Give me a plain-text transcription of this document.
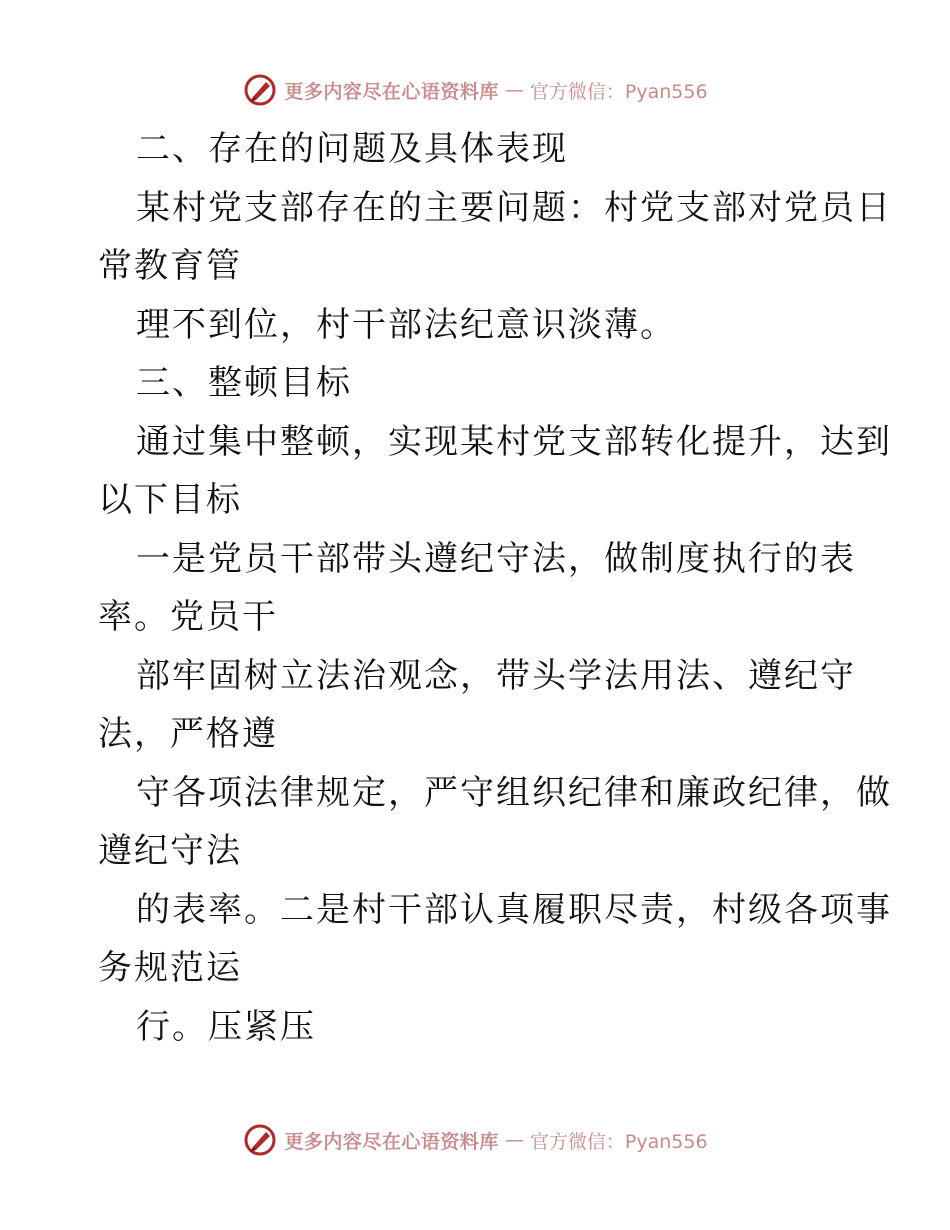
更多内容尽在心语资料库 — 官方微信：Pyan556
二、存在的问题及具体表现
某村党支部存在的主要问题：村党支部对党员日
常教育管
理不到位，村干部法纪意识淡薄。
三、整顿目标
通过集中整顿，实现某村党支部转化提升，达到
以下目标
一是党员干部带头遵纪守法，做制度执行的表
率。党员干
部牢固树立法治观念，带头学法用法、遵纪守
法，严格遵
守各项法律规定，严守组织纪律和廉政纪律，做
遵纪守法
的表率。二是村干部认真履职尽责，村级各项事
务规范运
行。压紧压
更多内容尽在心语资料库 — 官方微信：Pyan556
